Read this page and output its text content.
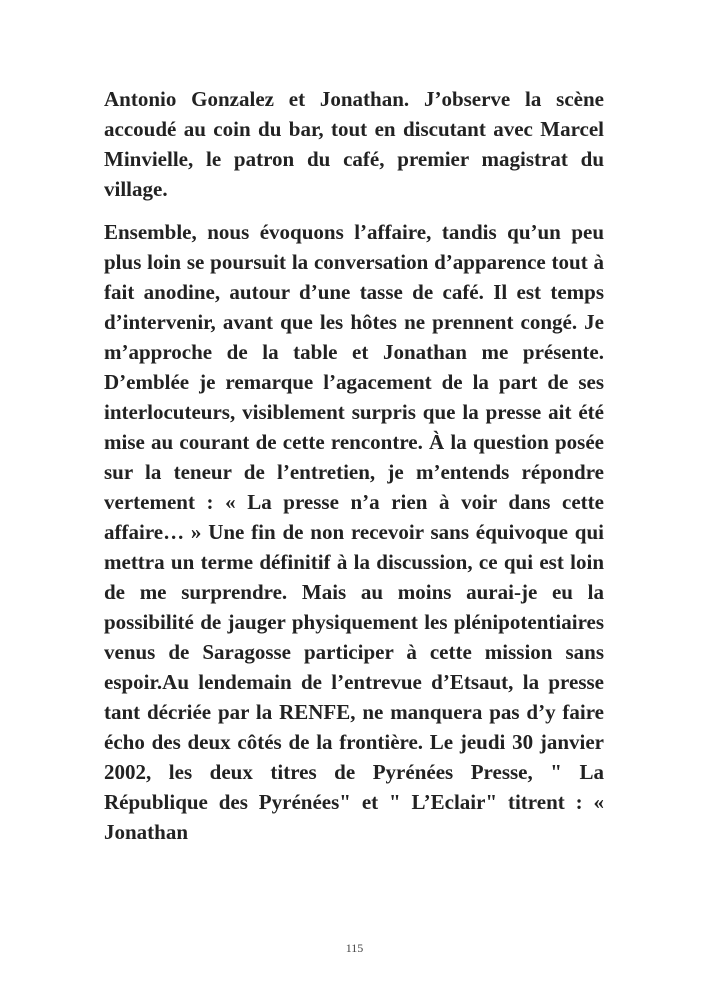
Antonio Gonzalez et Jonathan. J’observe la scène accoudé au coin du bar, tout en discutant avec Marcel Minvielle, le patron du café, premier magistrat du village.

Ensemble, nous évoquons l’affaire, tandis qu’un peu plus loin se poursuit la conversation d’apparence tout à fait anodine, autour d’une tasse de café. Il est temps d’intervenir, avant que les hôtes ne prennent congé. Je m’approche de la table et Jonathan me présente. D’emblée je remarque l’agacement de la part de ses interlocuteurs, visiblement surpris que la presse ait été mise au courant de cette rencontre. À la question posée sur la teneur de l’entretien, je m’entends répondre vertement : « La presse n’a rien à voir dans cette affaire… » Une fin de non recevoir sans équivoque qui mettra un terme définitif à la discussion, ce qui est loin de me surprendre. Mais au moins aurai-je eu la possibilité de jauger physiquement les plénipotentiaires venus de Saragosse participer à cette mission sans espoir.Au lendemain de l’entrevue d’Etsaut, la presse tant décriée par la RENFE, ne manquera pas d’y faire écho des deux côtés de la frontière. Le jeudi 30 janvier 2002, les deux titres de Pyrénées Presse, " La République des Pyrénées" et " L’Eclair" titrent : « Jonathan

115
